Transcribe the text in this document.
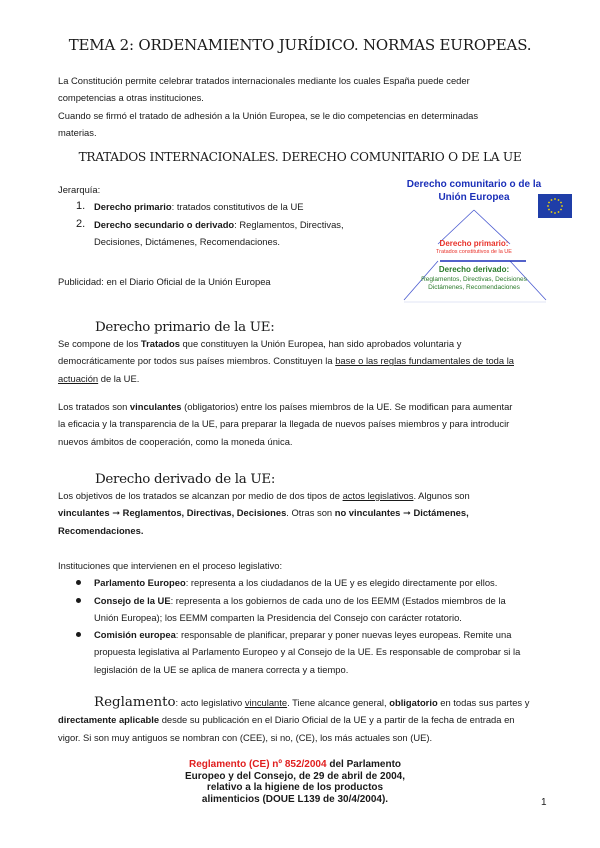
TEMA 2: ORDENAMIENTO JURÍDICO. NORMAS EUROPEAS.
La Constitución permite celebrar tratados internacionales mediante los cuales España puede ceder
competencias a otras instituciones.
Cuando se firmó el tratado de adhesión a la Unión Europea, se le dio competencias en determinadas
materias.
TRATADOS INTERNACIONALES. DERECHO COMUNITARIO O DE LA UE
Jerarquía:
1. Derecho primario: tratados constitutivos de la UE
2. Derecho secundario o derivado: Reglamentos, Directivas,
Decisiones, Dictámenes, Recomendaciones.
Publicidad: en el Diario Oficial de la Unión Europea
Derecho comunitario o de la
Unión Europea
Derecho primario:
Tratados constitutivos de la UE
Derecho derivado:
Reglamentos, Directivas, Decisiones
Dictámenes, Recomendaciones
Derecho primario de la UE:
Se compone de los Tratados que constituyen la Unión Europea, han sido aprobados voluntaria y
democráticamente por todos sus países miembros. Constituyen la base o las reglas fundamentales de toda la
actuación de la UE.
Los tratados son vinculantes (obligatorios) entre los países miembros de la UE. Se modifican para aumentar
la eficacia y la transparencia de la UE, para preparar la llegada de nuevos países miembros y para introducir
nuevos ámbitos de cooperación, como la moneda única.
Derecho derivado de la UE:
Los objetivos de los tratados se alcanzan por medio de dos tipos de actos legislativos. Algunos son
vinculantes ➞ Reglamentos, Directivas, Decisiones. Otras son no vinculantes ➞ Dictámenes,
Recomendaciones.
Instituciones que intervienen en el proceso legislativo:
Parlamento Europeo: representa a los ciudadanos de la UE y es elegido directamente por ellos.
Consejo de la UE: representa a los gobiernos de cada uno de los EEMM (Estados miembros de la
Unión Europea); los EEMM comparten la Presidencia del Consejo con carácter rotatorio.
Comisión europea: responsable de planificar, preparar y poner nuevas leyes europeas. Remite una
propuesta legislativa al Parlamento Europeo y al Consejo de la UE. Es responsable de comprobar si la
legislación de la UE se aplica de manera correcta y a tiempo.
Reglamento: acto legislativo vinculante. Tiene alcance general, obligatorio en todas sus partes y
directamente aplicable desde su publicación en el Diario Oficial de la UE y a partir de la fecha de entrada en
vigor. Si son muy antiguos se nombran con (CEE), si no, (CE), los más actuales son (UE).
Reglamento (CE) nº 852/2004 del Parlamento
Europeo y del Consejo, de 29 de abril de 2004,
relativo a la higiene de los productos
alimenticios (DOUE L139 de 30/4/2004).	1
